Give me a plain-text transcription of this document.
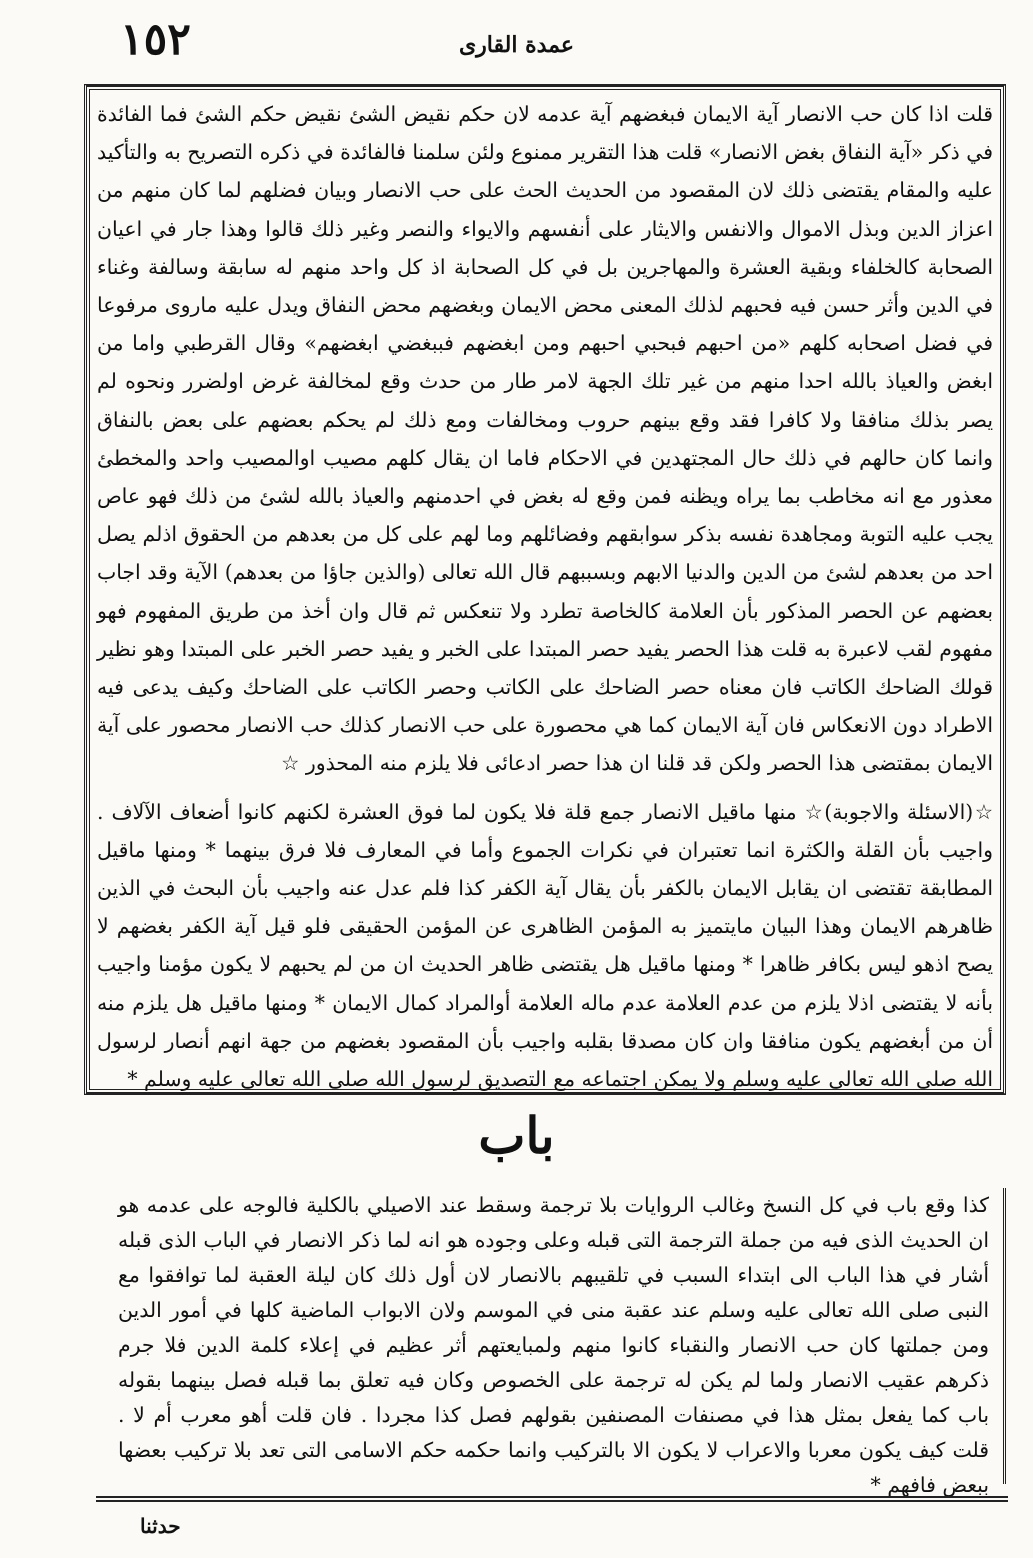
١٥٢	عمدة القاری

قلت اذا كان حب الانصار آية الايمان فبغضهم آية عدمه لان حكم نقيض الشئ نقيض حكم الشئ فما الفائدة في ذكر «آية النفاق بغض الانصار» قلت هذا التقرير ممنوع ولئن سلمنا فالفائدة في ذكره التصريح به والتأكيد عليه والمقام يقتضى ذلك لان المقصود من الحديث الحث على حب الانصار وبيان فضلهم لما كان منهم من اعزاز الدين وبذل الاموال والانفس والايثار على أنفسهم والايواء والنصر وغير ذلك قالوا وهذا جار في اعيان الصحابة كالخلفاء وبقية العشرة والمهاجرين بل في كل الصحابة اذ كل واحد منهم له سابقة وسالفة وغناء في الدين وأثر حسن فيه فحبهم لذلك المعنى محض الايمان وبغضهم محض النفاق ويدل عليه ماروى مرفوعا في فضل اصحابه كلهم «من احبهم فبحبي احبهم ومن ابغضهم فببغضي ابغضهم» وقال القرطبي واما من ابغض والعياذ بالله احدا منهم من غير تلك الجهة لامر طار من حدث وقع لمخالفة غرض اولضرر ونحوه لم يصر بذلك منافقا ولا كافرا فقد وقع بينهم حروب ومخالفات ومع ذلك لم يحكم بعضهم على بعض بالنفاق وانما كان حالهم في ذلك حال المجتهدين في الاحكام فاما ان يقال كلهم مصيب اوالمصيب واحد والمخطئ معذور مع انه مخاطب بما يراه ويظنه فمن وقع له بغض في احدمنهم والعياذ بالله لشئ من ذلك فهو عاص يجب عليه التوبة ومجاهدة نفسه بذكر سوابقهم وفضائلهم وما لهم على كل من بعدهم من الحقوق اذلم يصل احد من بعدهم لشئ من الدين والدنيا الابهم وبسببهم قال الله تعالى (والذين جاؤا من بعدهم) الآية وقد اجاب بعضهم عن الحصر المذكور بأن العلامة كالخاصة تطرد ولا تنعكس ثم قال وان أخذ من طريق المفهوم فهو مفهوم لقب لاعبرة به قلت هذا الحصر يفيد حصر المبتدا على الخبر و يفيد حصر الخبر على المبتدا وهو نظير قولك الضاحك الكاتب فان معناه حصر الضاحك على الكاتب وحصر الكاتب على الضاحك وكيف يدعى فيه الاطراد دون الانعكاس فان آية الايمان كما هي محصورة على حب الانصار كذلك حب الانصار محصور على آية الايمان بمقتضى هذا الحصر ولكن قد قلنا ان هذا حصر ادعائى فلا يلزم منه المحذور ☆

☆(الاسئلة والاجوبة)☆ منها ماقيل الانصار جمع قلة فلا يكون لما فوق العشرة لكنهم كانوا أضعاف الآلاف . واجيب بأن القلة والكثرة انما تعتبران في نكرات الجموع وأما في المعارف فلا فرق بينهما * ومنها ماقيل المطابقة تقتضى ان يقابل الايمان بالكفر بأن يقال آية الكفر كذا فلم عدل عنه واجيب بأن البحث في الذين ظاهرهم الايمان وهذا البيان مايتميز به المؤمن الظاهرى عن المؤمن الحقيقى فلو قيل آية الكفر بغضهم لا يصح اذهو ليس بكافر ظاهرا * ومنها ماقيل هل يقتضى ظاهر الحديث ان من لم يحبهم لا يكون مؤمنا واجيب بأنه لا يقتضى اذلا يلزم من عدم العلامة عدم ماله العلامة أوالمراد كمال الايمان * ومنها ماقيل هل يلزم منه أن من أبغضهم يكون منافقا وان كان مصدقا بقلبه واجيب بأن المقصود بغضهم من جهة انهم أنصار لرسول الله صلى الله تعالى عليه وسلم ولا يمكن اجتماعه مع التصديق لرسول الله صلى الله تعالى عليه وسلم *

باب

كذا وقع باب في كل النسخ وغالب الروايات بلا ترجمة وسقط عند الاصيلي بالكلية فالوجه على عدمه هو ان الحديث الذى فيه من جملة الترجمة التى قبله وعلى وجوده هو انه لما ذكر الانصار في الباب الذى قبله أشار في هذا الباب الى ابتداء السبب في تلقيبهم بالانصار لان أول ذلك كان ليلة العقبة لما توافقوا مع النبى صلى الله تعالى عليه وسلم عند عقبة منى في الموسم ولان الابواب الماضية كلها في أمور الدين ومن جملتها كان حب الانصار والنقباء كانوا منهم ولمبايعتهم أثر عظيم في إعلاء كلمة الدين فلا جرم ذكرهم عقيب الانصار ولما لم يكن له ترجمة على الخصوص وكان فيه تعلق بما قبله فصل بينهما بقوله باب كما يفعل بمثل هذا في مصنفات المصنفين بقولهم فصل كذا مجردا . فان قلت أهو معرب أم لا . قلت كيف يكون معربا والاعراب لا يكون الا بالتركيب وانما حكمه حكم الاسامى التى تعد بلا تركيب بعضها ببعض فافهم *

حدثنا
